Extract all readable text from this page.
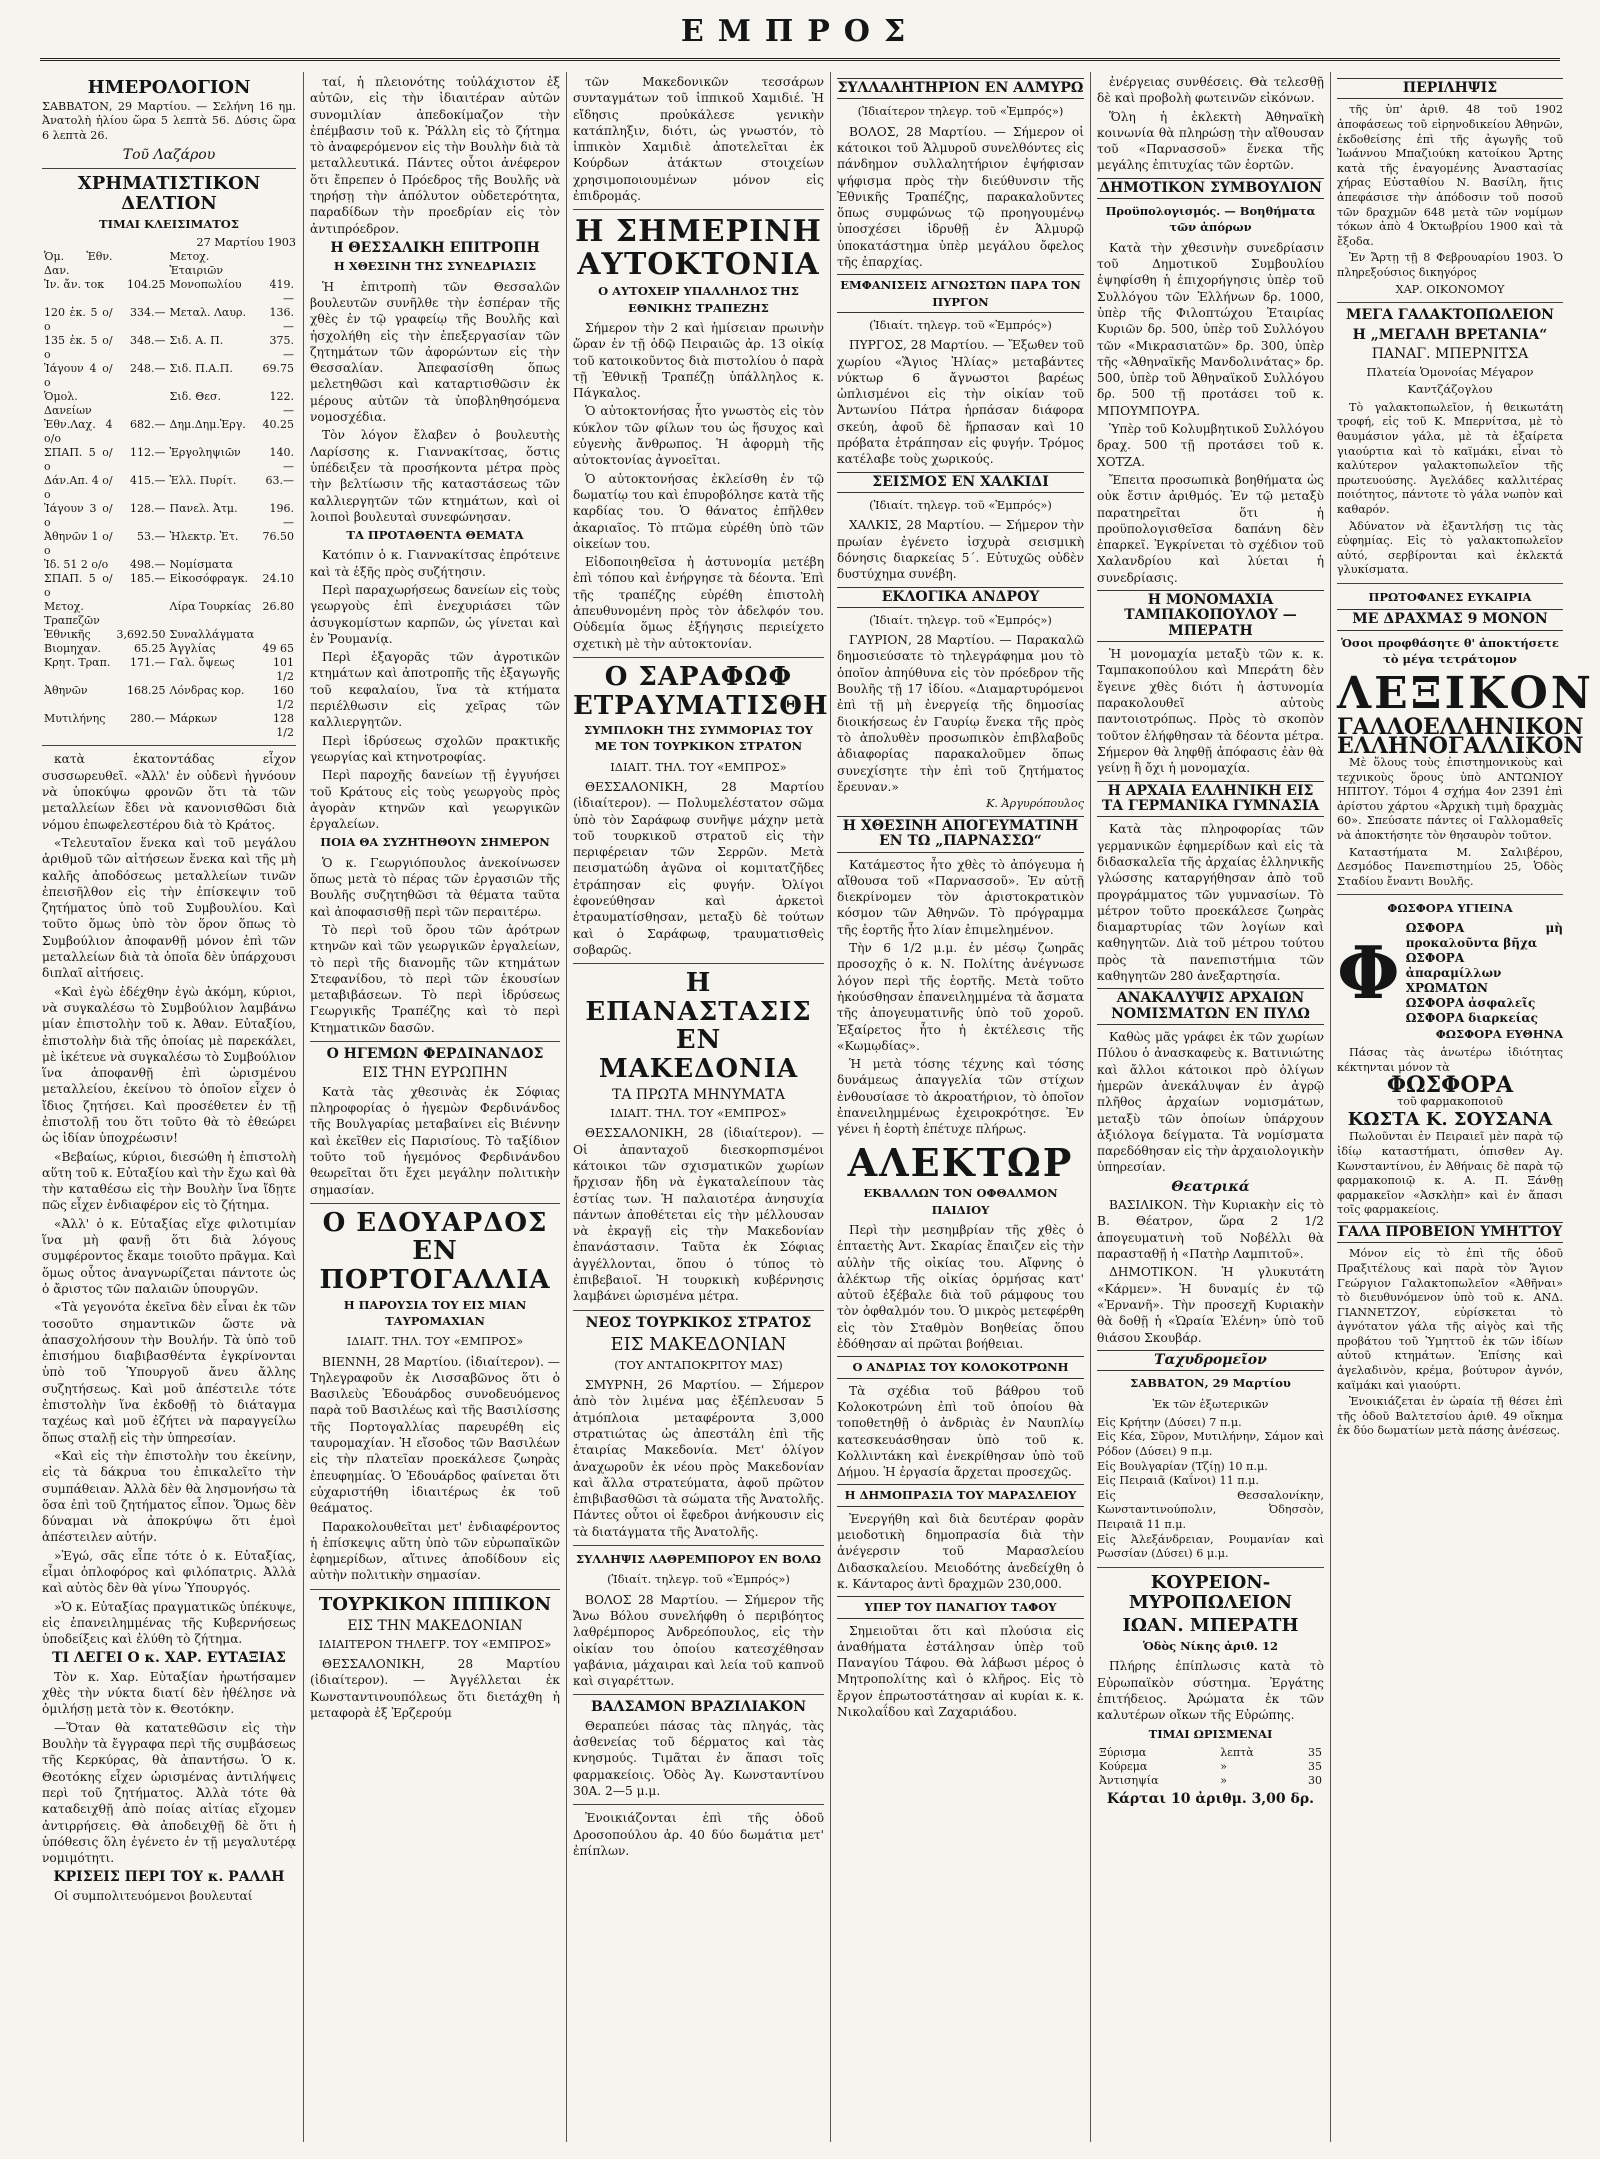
ΕΜΠΡΟΣ
ΗΜΕΡΟΛΟΓΙΟΝ
ΣΑΒΒΑΤΟΝ, 29 Μαρτίου. — Σελήνη 16 ημ. Ἀνατολὴ ἡλίου ὥρα 5 λεπτὰ 56. Δύσις ὥρα 6 λεπτὰ 26.
Τοῦ Λαζάρου
ΧΡΗΜΑΤΙΣΤΙΚΟΝ ΔΕΛΤΙΟΝ
ΤΙΜΑΙ ΚΛΕΙΣΙΜΑΤΟΣ
27 Μαρτίου 1903
Ὁμ. Ἐθν. Δαν.		Μετοχ. Ἑταιριῶν	
Ἰν. ἄν. τοκ	104.25	Μονοπωλίου	419.—
120 ἐκ. 5 ο/ο	334.—	Μεταλ. Λαυρ.	136.—
135 ἐκ. 5 ο/ο	348.—	Σιδ. Α. Π.	375.—
Ἰάγουν 4 ο/ο	248.—	Σιδ. Π.Α.Π.	69.75
Ὁμολ. Δανείων		Σιδ. Θεσ.	122.—
Ἐθν.Λαχ. 4 ο/ο	682.—	Δημ.Δημ.Ἐργ.	40.25
ΣΠΑΠ. 5 ο/ο	112.—	Ἐργοληψιῶν	140.—
Δάν.Απ. 4 ο/ο	415.—	Ἑλλ. Πυρίτ.	63.—
Ἰάγουν 3 ο/ο	128.—	Πανελ. Ἀτμ.	196.—
Ἀθηνῶν 1 ο/ο	53.—	Ἠλεκτρ. Ἑτ.	76.50
Ἰδ. 51 2 ο/ο	498.—	Νομίσματα	
ΣΠΑΠ. 5 ο/ο	185.—	Εἰκοσόφραγκ.	24.10
Μετοχ. Τραπεζῶν		Λίρα Τουρκίας	26.80
Ἐθνικῆς	3,692.50	Συναλλάγματα	
Βιομηχαν.	65.25	Ἀγγλίας	49 65
Κρητ. Τραπ.	171.—	Γαλ. ὄψεως	101 1/2
Ἀθηνῶν	168.25	Λόνδρας κορ.	160 1/2
Μυτιλήνης	280.—	Μάρκων	128 1/2

κατὰ ἑκατοντάδας εἶχον συσσωρευθεῖ. «Ἀλλ' ἐν οὐδενὶ ἠγνόουν νὰ ὑποκύψω φρονῶν ὅτι τὰ τῶν μεταλλείων ἔδει νὰ κανονισθῶσι διὰ νόμου ἐπωφελεστέρου διὰ τὸ Κράτος.

«Τελευταῖον ἕνεκα καὶ τοῦ μεγάλου ἀριθμοῦ τῶν αἰτήσεων ἕνεκα καὶ τῆς μὴ καλῆς ἀποδόσεως μεταλλείων τινῶν ἐπεισῆλθον εἰς τὴν ἐπίσκεψιν τοῦ ζητήματος ὑπὸ τοῦ Συμβουλίου. Καὶ τοῦτο ὅμως ὑπὸ τὸν ὅρον ὅπως τὸ Συμβούλιον ἀποφανθῇ μόνον ἐπὶ τῶν μεταλλείων διὰ τὰ ὁποῖα δὲν ὑπάρχουσι διπλαῖ αἰτήσεις.

«Καὶ ἐγὼ ἐδέχθην ἐγὼ ἀκόμη, κύριοι, νὰ συγκαλέσω τὸ Συμβούλιον λαμβάνω μίαν ἐπιστολὴν τοῦ κ. Ἀθαν. Εὐταξίου, ἐπιστολὴν διὰ τῆς ὁποίας μὲ παρεκάλει, μὲ ἱκέτευε νὰ συγκαλέσω τὸ Συμβούλιον ἵνα ἀποφανθῇ ἐπὶ ὡρισμένου μεταλλείου, ἐκείνου τὸ ὁποῖον εἶχεν ὁ ἴδιος ζητήσει. Καὶ προσέθετεν ἐν τῇ ἐπιστολῇ του ὅτι τοῦτο θὰ τὸ ἐθεώρει ὡς ἰδίαν ὑποχρέωσιν!

«Βεβαίως, κύριοι, διεσώθη ἡ ἐπιστολὴ αὕτη τοῦ κ. Εὐταξίου καὶ τὴν ἔχω καὶ θὰ τὴν καταθέσω εἰς τὴν Βουλὴν ἵνα ἴδῃτε πῶς εἶχεν ἐνδιαφέρον εἰς τὸ ζήτημα.

«Ἀλλ' ὁ κ. Εὐταξίας εἴχε φιλοτιμίαν ἵνα μὴ φανῇ ὅτι διὰ λόγους συμφέροντος ἔκαμε τοιοῦτο πρᾶγμα. Καὶ ὅμως οὗτος ἀναγνωρίζεται πάντοτε ὡς ὁ ἄριστος τῶν παλαιῶν ὑπουργῶν.

«Τὰ γεγονότα ἐκεῖνα δὲν εἶναι ἐκ τῶν τοσοῦτο σημαντικῶν ὥστε νὰ ἀπασχολήσουν τὴν Βουλήν. Τὰ ὑπὸ τοῦ ἐπισήμου διαβιβασθέντα ἐγκρίνονται ὑπὸ τοῦ Ὑπουργοῦ ἄνευ ἄλλης συζητήσεως. Καὶ μοῦ ἀπέστειλε τότε ἐπιστολὴν ἵνα ἐκδοθῇ τὸ διάταγμα ταχέως καὶ μοῦ ἐζήτει νὰ παραγγείλω ὅπως σταλῇ εἰς τὴν ὑπηρεσίαν.

«Καὶ εἰς τὴν ἐπιστολὴν του ἐκείνην, εἰς τὰ δάκρυα του ἐπικαλεῖτο τὴν συμπάθειαν. Ἀλλὰ δὲν θὰ λησμονήσω τὰ ὅσα ἐπὶ τοῦ ζητήματος εἶπον. Ὅμως δὲν δύναμαι νὰ ἀποκρύψω ὅτι ἐμοὶ ἀπέστειλεν αὐτήν.

»Ἐγώ, σᾶς εἶπε τότε ὁ κ. Εὐταξίας, εἶμαι ὁπλοφόρος καὶ φιλόπατρις. Ἀλλὰ καὶ αὐτὸς δὲν θὰ γίνω Ὑπουργός.

»Ὁ κ. Εὐταξίας πραγματικῶς ὑπέκυψε, εἰς ἐπανειλημμένας τῆς Κυβερνήσεως ὑποδείξεις καὶ ἐλύθη τὸ ζήτημα.

ΤΙ ΛΕΓΕΙ Ο κ. ΧΑΡ. ΕΥΤΑΞΙΑΣ

Τὸν κ. Χαρ. Εὐταξίαν ἠρωτήσαμεν χθὲς τὴν νύκτα διατί δὲν ἠθέλησε νὰ ὁμιλήσῃ μετὰ τὸν κ. Θεοτόκην.

—Ὅταν θὰ κατατεθῶσιν εἰς τὴν Βουλὴν τὰ ἔγγραφα περὶ τῆς συμβάσεως τῆς Κερκύρας, θὰ ἀπαντήσω. Ὁ κ. Θεοτόκης εἶχεν ὡρισμένας ἀντιλήψεις περὶ τοῦ ζητήματος. Ἀλλὰ τότε θὰ καταδειχθῇ ἀπὸ ποίας αἰτίας εἴχομεν ἀντιρρήσεις. Θὰ ἀποδειχθῇ δὲ ὅτι ἡ ὑπόθεσις ὅλη ἐγένετο ἐν τῇ μεγαλυτέρᾳ νομιμότητι.

ΚΡΙΣΕΙΣ ΠΕΡΙ ΤΟΥ κ. ΡΑΛΛΗ

Οἱ συμπολιτευόμενοι βουλευταί

ταί, ἡ πλειονότης τοὐλάχιστον ἐξ αὐτῶν, εἰς τὴν ἰδιαιτέραν αὐτῶν συνομιλίαν ἀπεδοκίμαζον τὴν ἐπέμβασιν τοῦ κ. Ῥάλλη εἰς τὸ ζήτημα τὸ ἀναφερόμενον εἰς τὴν Βουλὴν διὰ τὰ μεταλλευτικά. Πάντες οὗτοι ἀνέφερον ὅτι ἔπρεπεν ὁ Πρόεδρος τῆς Βουλῆς νὰ τηρήσῃ τὴν ἀπόλυτον οὐδετερότητα, παραδίδων τὴν προεδρίαν εἰς τὸν ἀντιπρόεδρον.

Η ΘΕΣΣΑΛΙΚΗ ΕΠΙΤΡΟΠΗ
Η ΧΘΕΣΙΝΗ ΤΗΣ ΣΥΝΕΔΡΙΑΣΙΣ

Ἡ ἐπιτροπὴ τῶν Θεσσαλῶν βουλευτῶν συνῆλθε τὴν ἑσπέραν τῆς χθὲς ἐν τῷ γραφείῳ τῆς Βουλῆς καὶ ἠσχολήθη εἰς τὴν ἐπεξεργασίαν τῶν ζητημάτων τῶν ἀφορώντων εἰς τὴν Θεσσαλίαν. Ἀπεφασίσθη ὅπως μελετηθῶσι καὶ καταρτισθῶσιν ἐκ μέρους αὐτῶν τὰ ὑποβληθησόμενα νομοσχέδια.

Τὸν λόγον ἔλαβεν ὁ βουλευτὴς Λαρίσσης κ. Γιαννακίτσας, ὅστις ὑπέδειξεν τὰ προσήκοντα μέτρα πρὸς τὴν βελτίωσιν τῆς καταστάσεως τῶν καλλιεργητῶν τῶν κτημάτων, καὶ οἱ λοιποὶ βουλευταὶ συνεφώνησαν.

ΤΑ ΠΡΟΤΑΘΕΝΤΑ ΘΕΜΑΤΑ

Κατόπιν ὁ κ. Γιαννακίτσας ἐπρότεινε καὶ τὰ ἑξῆς πρὸς συζήτησιν.

Περὶ παραχωρήσεως δανείων εἰς τοὺς γεωργοὺς ἐπὶ ἐνεχυριάσει τῶν ἀσυγκομίστων καρπῶν, ὡς γίνεται καὶ ἐν Ῥουμανίᾳ.

Περὶ ἐξαγορᾶς τῶν ἀγροτικῶν κτημάτων καὶ ἀποτροπῆς τῆς ἐξαγωγῆς τοῦ κεφαλαίου, ἵνα τὰ κτήματα περιέλθωσιν εἰς χεῖρας τῶν καλλιεργητῶν.

Περὶ ἱδρύσεως σχολῶν πρακτικῆς γεωργίας καὶ κτηνοτροφίας.

Περὶ παροχῆς δανείων τῇ ἐγγυήσει τοῦ Κράτους εἰς τοὺς γεωργοὺς πρὸς ἀγορὰν κτηνῶν καὶ γεωργικῶν ἐργαλείων.

ΠΟΙΑ ΘΑ ΣΥΖΗΤΗΘΟΥΝ ΣΗΜΕΡΟΝ

Ὁ κ. Γεωργιόπουλος ἀνεκοίνωσεν ὅπως μετὰ τὸ πέρας τῶν ἐργασιῶν τῆς Βουλῆς συζητηθῶσι τὰ θέματα ταῦτα καὶ ἀποφασισθῇ περὶ τῶν περαιτέρω.

Τὸ περὶ τοῦ ὅρου τῶν ἀρότρων κτηνῶν καὶ τῶν γεωργικῶν ἐργαλείων, τὸ περὶ τῆς διανομῆς τῶν κτημάτων Στεφανίδου, τὸ περὶ τῶν ἑκουσίων μεταβιβάσεων. Τὸ περὶ ἱδρύσεως Γεωργικῆς Τραπέζης καὶ τὸ περὶ Κτηματικῶν δασῶν.

Ο ΗΓΕΜΩΝ ΦΕΡΔΙΝΑΝΔΟΣ
ΕΙΣ ΤΗΝ ΕΥΡΩΠΗΝ

Κατὰ τὰς χθεσινὰς ἐκ Σόφιας πληροφορίας ὁ ἡγεμὼν Φερδινάνδος τῆς Βουλγαρίας μεταβαίνει εἰς Βιέννην καὶ ἐκεῖθεν εἰς Παρισίους. Τὸ ταξίδιον τοῦτο τοῦ ἡγεμόνος Φερδινάνδου θεωρεῖται ὅτι ἔχει μεγάλην πολιτικὴν σημασίαν.

Ο ΕΔΟΥΑΡΔΟΣ ΕΝ ΠΟΡΤΟΓΑΛΛΙΑ
Η ΠΑΡΟΥΣΙΑ ΤΟΥ ΕΙΣ ΜΙΑΝ ΤΑΥΡΟΜΑΧΙΑΝ
ΙΔΙΑΙΤ. ΤΗΛ. ΤΟΥ «ΕΜΠΡΟΣ»

ΒΙΕΝΝΗ, 28 Μαρτίου. (ἰδιαίτερον). — Τηλεγραφοῦν ἐκ Λισσαβῶνος ὅτι ὁ Βασιλεὺς Ἐδουάρδος συνοδευόμενος παρὰ τοῦ Βασιλέως καὶ τῆς Βασιλίσσης τῆς Πορτογαλλίας παρευρέθη εἰς ταυρομαχίαν. Ἡ εἴσοδος τῶν Βασιλέων εἰς τὴν πλατεῖαν προεκάλεσε ζωηρὰς ἐπευφημίας. Ὁ Ἐδουάρδος φαίνεται ὅτι εὐχαριστήθη ἰδιαιτέρως ἐκ τοῦ θεάματος.

Παρακολουθεῖται μετ' ἐνδιαφέροντος ἡ ἐπίσκεψις αὕτη ὑπὸ τῶν εὐρωπαϊκῶν ἐφημερίδων, αἵτινες ἀποδίδουν εἰς αὐτὴν πολιτικὴν σημασίαν.

ΤΟΥΡΚΙΚΟΝ ΙΠΠΙΚΟΝ
ΕΙΣ ΤΗΝ ΜΑΚΕΔΟΝΙΑΝ
ΙΔΙΑΙΤΕΡΟΝ ΤΗΛΕΓΡ. ΤΟΥ «ΕΜΠΡΟΣ»

ΘΕΣΣΑΛΟΝΙΚΗ, 28 Μαρτίου (ἰδιαίτερον). — Ἀγγέλλεται ἐκ Κωνσταντινουπόλεως ὅτι διετάχθη ἡ μεταφορὰ ἐξ Ἐρζερούμ

τῶν Μακεδονικῶν τεσσάρων συνταγμάτων τοῦ ἱππικοῦ Χαμιδιέ. Ἡ εἴδησις προὐκάλεσε γενικὴν κατάπληξιν, διότι, ὡς γνωστόν, τὸ ἱππικὸν Χαμιδιὲ ἀποτελεῖται ἐκ Κούρδων ἀτάκτων στοιχείων χρησιμοποιουμένων μόνον εἰς ἐπιδρομάς.

Η ΣΗΜΕΡΙΝΗ ΑΥΤΟΚΤΟΝΙΑ
Ο ΑΥΤΟΧΕΙΡ ΥΠΑΛΛΗΛΟΣ ΤΗΣ ΕΘΝΙΚΗΣ ΤΡΑΠΕΖΗΣ

Σήμερον τὴν 2 καὶ ἡμίσειαν πρωινὴν ὥραν ἐν τῇ ὁδῷ Πειραιῶς ἀρ. 13 οἰκίᾳ τοῦ κατοικοῦντος διὰ πιστολίου ὁ παρὰ τῇ Ἐθνικῇ Τραπέζῃ ὑπάλληλος κ. Πάγκαλος.

Ὁ αὐτοκτονήσας ἦτο γνωστὸς εἰς τὸν κύκλον τῶν φίλων του ὡς ἥσυχος καὶ εὐγενὴς ἄνθρωπος. Ἡ ἀφορμὴ τῆς αὐτοκτονίας ἀγνοεῖται.

Ὁ αὐτοκτονήσας ἐκλείσθη ἐν τῷ δωματίῳ του καὶ ἐπυροβόλησε κατὰ τῆς καρδίας του. Ὁ θάνατος ἐπῆλθεν ἀκαριαῖος. Τὸ πτῶμα εὑρέθη ὑπὸ τῶν οἰκείων του.

Εἰδοποιηθεῖσα ἡ ἀστυνομία μετέβη ἐπὶ τόπου καὶ ἐνήργησε τὰ δέοντα. Ἐπὶ τῆς τραπέζης εὑρέθη ἐπιστολὴ ἀπευθυνομένη πρὸς τὸν ἀδελφόν του. Οὐδεμία ὅμως ἐξήγησις περιείχετο σχετικὴ μὲ τὴν αὐτοκτονίαν.

Ο ΣΑΡΑΦΩΦ ΕΤΡΑΥΜΑΤΙΣΘΗ
ΣΥΜΠΛΟΚΗ ΤΗΣ ΣΥΜΜΟΡΙΑΣ ΤΟΥ ΜΕ ΤΟΝ ΤΟΥΡΚΙΚΟΝ ΣΤΡΑΤΟΝ
ΙΔΙΑΙΤ. ΤΗΛ. ΤΟΥ «ΕΜΠΡΟΣ»

ΘΕΣΣΑΛΟΝΙΚΗ, 28 Μαρτίου (ἰδιαίτερον). — Πολυμελέστατον σῶμα ὑπὸ τὸν Σαράφωφ συνῆψε μάχην μετὰ τοῦ τουρκικοῦ στρατοῦ εἰς τὴν περιφέρειαν τῶν Σερρῶν. Μετὰ πεισματώδη ἀγῶνα οἱ κομιτατζῆδες ἐτράπησαν εἰς φυγήν. Ὀλίγοι ἐφονεύθησαν καὶ ἀρκετοὶ ἐτραυματίσθησαν, μεταξὺ δὲ τούτων καὶ ὁ Σαράφωφ, τραυματισθεὶς σοβαρῶς.

Η ΕΠΑΝΑΣΤΑΣΙΣ ΕΝ ΜΑΚΕΔΟΝΙΑ
ΤΑ ΠΡΩΤΑ ΜΗΝΥΜΑΤΑ
ΙΔΙΑΙΤ. ΤΗΛ. ΤΟΥ «ΕΜΠΡΟΣ»

ΘΕΣΣΑΛΟΝΙΚΗ, 28 (ἰδιαίτερον). — Οἱ ἀπανταχοῦ διεσκορπισμένοι κάτοικοι τῶν σχισματικῶν χωρίων ἤρχισαν ἤδη νὰ ἐγκαταλείπουν τὰς ἑστίας των. Ἡ παλαιοτέρα ἀνησυχία πάντων ἀποθέτεται εἰς τὴν μέλλουσαν νὰ ἐκραγῇ εἰς τὴν Μακεδονίαν ἐπανάστασιν. Ταῦτα ἐκ Σόφιας ἀγγέλλονται, ὅπου ὁ τύπος τὸ ἐπιβεβαιοῖ. Ἡ τουρκικὴ κυβέρνησις λαμβάνει ὡρισμένα μέτρα.

ΝΕΟΣ ΤΟΥΡΚΙΚΟΣ ΣΤΡΑΤΟΣ
ΕΙΣ ΜΑΚΕΔΟΝΙΑΝ
(ΤΟΥ ΑΝΤΑΠΟΚΡΙΤΟΥ ΜΑΣ)

ΣΜΥΡΝΗ, 26 Μαρτίου. — Σήμερον ἀπὸ τὸν λιμένα μας ἐξέπλευσαν 5 ἀτμόπλοια μεταφέροντα 3,000 στρατιώτας ὡς ἀπεστάλη ἐπὶ τῆς ἑταιρίας Μακεδονία. Μετ' ὀλίγον ἀναχωροῦν ἐκ νέου πρὸς Μακεδονίαν καὶ ἄλλα στρατεύματα, ἀφοῦ πρῶτον ἐπιβιβασθῶσι τὰ σώματα τῆς Ἀνατολῆς. Πάντες οὗτοι οἱ ἔφεδροι ἀνήκουσιν εἰς τὰ διατάγματα τῆς Ἀνατολῆς.

ΣΥΛΛΗΨΙΣ ΛΑΘΡΕΜΠΟΡΟΥ ΕΝ ΒΟΛΩ
(Ἰδιαίτ. τηλεγρ. τοῦ «Ἐμπρός»)

ΒΟΛΟΣ 28 Μαρτίου. — Σήμερον τῆς Ἄνω Βόλου συνελήφθη ὁ περιβόητος λαθρέμπορος Ἀνδρεόπουλος, εἰς τὴν οἰκίαν του ὁποίου κατεσχέθησαν γαβάνια, μάχαιραι καὶ λεία τοῦ καπνοῦ καὶ σιγαρέττων.

ΒΑΛΣΑΜΟΝ ΒΡΑΖΙΛΙΑΚΟΝ

Θεραπεύει πάσας τὰς πληγάς, τὰς ἀσθενείας τοῦ δέρματος καὶ τὰς κνησμούς. Τιμᾶται ἐν ἅπασι τοῖς φαρμακείοις. Ὁδὸς Ἀγ. Κωνσταντίνου 30Α. 2—5 μ.μ.

Ἐνοικιάζονται ἐπὶ τῆς ὁδοῦ Δροσοπούλου ἀρ. 40 δύο δωμάτια μετ' ἐπίπλων.

ΣΥΛΛΑΛΗΤΗΡΙΟΝ ΕΝ ΑΛΜΥΡΩ
(Ἰδιαίτερον τηλεγρ. τοῦ «Ἐμπρός»)

ΒΟΛΟΣ, 28 Μαρτίου. — Σήμερον οἱ κάτοικοι τοῦ Ἁλμυροῦ συνελθόντες εἰς πάνδημον συλλαλητήριον ἐψήφισαν ψήφισμα πρὸς τὴν διεύθυνσιν τῆς Ἐθνικῆς Τραπέζης, παρακαλοῦντες ὅπως συμφώνως τῷ προηγουμένῳ ὑποσχέσει ἱδρυθῇ ἐν Ἁλμυρῷ ὑποκατάστημα ὑπὲρ μεγάλου ὄφελος τῆς ἐπαρχίας.

ΕΜΦΑΝΙΣΕΙΣ ΑΓΝΩΣΤΩΝ ΠΑΡΑ ΤΟΝ ΠΥΡΓΟΝ
(Ἰδιαίτ. τηλεγρ. τοῦ «Ἐμπρός»)

ΠΥΡΓΟΣ, 28 Μαρτίου. — Ἔξωθεν τοῦ χωρίου «Ἅγιος Ἠλίας» μεταβάντες νύκτωρ 6 ἄγνωστοι βαρέως ὡπλισμένοι εἰς τὴν οἰκίαν τοῦ Ἀντωνίου Πάτρα ἡρπάσαν διάφορα σκεύη, ἀφοῦ δὲ ἥρπασαν καὶ 10 πρόβατα ἐτράπησαν εἰς φυγήν. Τρόμος κατέλαβε τοὺς χωρικούς.

ΣΕΙΣΜΟΣ ΕΝ ΧΑΛΚΙΔΙ
(Ἰδιαίτ. τηλεγρ. τοῦ «Ἐμπρός»)

ΧΑΛΚΙΣ, 28 Μαρτίου. — Σήμερον τὴν πρωίαν ἐγένετο ἰσχυρὰ σεισμικὴ δόνησις διαρκείας 5΄. Εὐτυχῶς οὐδὲν δυστύχημα συνέβη.

ΕΚΛΟΓΙΚΑ ΑΝΔΡΟΥ
(Ἰδιαίτ. τηλεγρ. τοῦ «Ἐμπρός»)

ΓΑΥΡΙΟΝ, 28 Μαρτίου. — Παρακαλῶ δημοσιεύσατε τὸ τηλεγράφημα μου τὸ ὁποῖον ἀπηύθυνα εἰς τὸν πρόεδρον τῆς Βουλῆς τῇ 17 ἰδίου. «Διαμαρτυρόμενοι ἐπὶ τῇ μὴ ἐνεργείᾳ τῆς δημοσίας διοικήσεως ἐν Γαυρίῳ ἕνεκα τῆς πρὸς τὸ ἀπολυθὲν προσωπικὸν ἐπιβλαβοῦς ἀδιαφορίας παρακαλοῦμεν ὅπως συνεχίσητε τὴν ἐπὶ τοῦ ζητήματος ἔρευναν.»

Κ. Ἀργυρόπουλος
Η ΧΘΕΣΙΝΗ ΑΠΟΓΕΥΜΑΤΙΝΗ ΕΝ ΤΩ „ΠΑΡΝΑΣΣΩ“

Κατάμεστος ἦτο χθὲς τὸ ἀπόγευμα ἡ αἴθουσα τοῦ «Παρνασσοῦ». Ἐν αὐτῇ διεκρίνομεν τὸν ἀριστοκρατικὸν κόσμον τῶν Ἀθηνῶν. Τὸ πρόγραμμα τῆς ἑορτῆς ἦτο λίαν ἐπιμελημένον.

Τὴν 6 1/2 μ.μ. ἐν μέσῳ ζωηρᾶς προσοχῆς ὁ κ. Ν. Πολίτης ἀνέγνωσε λόγον περὶ τῆς ἑορτῆς. Μετὰ τοῦτο ἠκούσθησαν ἐπανειλημμένα τὰ ἄσματα τῆς ἀπογευματινῆς ὑπὸ τοῦ χοροῦ. Ἐξαίρετος ἦτο ἡ ἐκτέλεσις τῆς «Κωμῳδίας».

Ἡ μετὰ τόσης τέχνης καὶ τόσης δυνάμεως ἀπαγγελία τῶν στίχων ἐνθουσίασε τὸ ἀκροατήριον, τὸ ὁποῖον ἐπανειλημμένως ἐχειροκρότησε. Ἐν γένει ἡ ἑορτὴ ἐπέτυχε πλήρως.

ΑΛΕΚΤΩΡ
ΕΚΒΑΛΛΩΝ ΤΟΝ ΟΦΘΑΛΜΟΝ ΠΑΙΔΙΟΥ

Περὶ τὴν μεσημβρίαν τῆς χθὲς ὁ ἑπταετὴς Ἀντ. Σκαρίας ἔπαιζεν εἰς τὴν αὐλὴν τῆς οἰκίας του. Αἴφνης ὁ ἀλέκτωρ τῆς οἰκίας ὁρμήσας κατ' αὐτοῦ ἐξέβαλε διὰ τοῦ ράμφους του τὸν ὀφθαλμόν του. Ὁ μικρὸς μετεφέρθη εἰς τὸν Σταθμὸν Βοηθείας ὅπου ἐδόθησαν αἱ πρῶται βοήθειαι.

Ο ΑΝΔΡΙΑΣ ΤΟΥ ΚΟΛΟΚΟΤΡΩΝΗ

Τὰ σχέδια τοῦ βάθρου τοῦ Κολοκοτρώνη ἐπὶ τοῦ ὁποίου θὰ τοποθετηθῇ ὁ ἀνδριὰς ἐν Ναυπλίῳ κατεσκευάσθησαν ὑπὸ τοῦ κ. Κολλιντάκη καὶ ἐνεκρίθησαν ὑπὸ τοῦ Δήμου. Ἡ ἐργασία ἄρχεται προσεχῶς.

Η ΔΗΜΟΠΡΑΣΙΑ ΤΟΥ ΜΑΡΑΣΛΕΙΟΥ

Ἐνεργήθη καὶ διὰ δευτέραν φορὰν μειοδοτικὴ δημοπρασία διὰ τὴν ἀνέγερσιν τοῦ Μαρασλείου Διδασκαλείου. Μειοδότης ἀνεδείχθη ὁ κ. Κάνταρος ἀντὶ δραχμῶν 230,000.

ΥΠΕΡ ΤΟΥ ΠΑΝΑΓΙΟΥ ΤΑΦΟΥ

Σημειοῦται ὅτι καὶ πλούσια εἰς ἀναθήματα ἐστάλησαν ὑπὲρ τοῦ Παναγίου Τάφου. Θὰ λάβωσι μέρος ὁ Μητροπολίτης καὶ ὁ κλῆρος. Εἰς τὸ ἔργον ἐπρωτοστάτησαν αἱ κυρίαι κ. κ. Νικολαΐδου καὶ Ζαχαριάδου.

ἐνέργειας συνθέσεις. Θὰ τελεσθῇ δὲ καὶ προβολὴ φωτεινῶν εἰκόνων.

Ὅλη ἡ ἐκλεκτὴ Ἀθηναϊκὴ κοινωνία θὰ πληρώσῃ τὴν αἴθουσαν τοῦ «Παρνασσοῦ» ἕνεκα τῆς μεγάλης ἐπιτυχίας τῶν ἑορτῶν.

ΔΗΜΟΤΙΚΟΝ ΣΥΜΒΟΥΛΙΟΝ
Προϋπολογισμός. — Βοηθήματα τῶν ἀπόρων

Κατὰ τὴν χθεσινὴν συνεδρίασιν τοῦ Δημοτικοῦ Συμβουλίου ἐψηφίσθη ἡ ἐπιχορήγησις ὑπὲρ τοῦ Συλλόγου τῶν Ἑλλήνων δρ. 1000, ὑπὲρ τῆς Φιλοπτώχου Ἑταιρίας Κυριῶν δρ. 500, ὑπὲρ τοῦ Συλλόγου τῶν «Μικρασιατῶν» δρ. 300, ὑπὲρ τῆς «Ἀθηναϊκῆς Μανδολινάτας» δρ. 500, ὑπὲρ τοῦ Ἀθηναϊκοῦ Συλλόγου δρ. 500 τῇ προτάσει τοῦ κ. ΜΠΟΥΜΠΟΥΡΑ.

Ὑπὲρ τοῦ Κολυμβητικοῦ Συλλόγου δραχ. 500 τῇ προτάσει τοῦ κ. ΧΟΤΖΑ.

Ἔπειτα προσωπικὰ βοηθήματα ὡς οὐκ ἔστιν ἀριθμός. Ἐν τῷ μεταξὺ παρατηρεῖται ὅτι ἡ προϋπολογισθεῖσα δαπάνη δὲν ἐπαρκεῖ. Ἐγκρίνεται τὸ σχέδιον τοῦ Χαλανδρίου καὶ λύεται ἡ συνεδρίασις.

Η ΜΟΝΟΜΑΧΙΑ ΤΑΜΠΑΚΟΠΟΥΛΟΥ — ΜΠΕΡΑΤΗ

Ἡ μονομαχία μεταξὺ τῶν κ. κ. Ταμπακοπούλου καὶ Μπεράτη δὲν ἔγεινε χθὲς διότι ἡ ἀστυνομία παρακολουθεῖ αὐτοὺς παντοιοτρόπως. Πρὸς τὸ σκοπὸν τοῦτον ἐλήφθησαν τὰ δέοντα μέτρα. Σήμερον θὰ ληφθῇ ἀπόφασις ἐὰν θὰ γείνῃ ἢ ὄχι ἡ μονομαχία.

Η ΑΡΧΑΙΑ ΕΛΛΗΝΙΚΗ ΕΙΣ ΤΑ ΓΕΡΜΑΝΙΚΑ ΓΥΜΝΑΣΙΑ

Κατὰ τὰς πληροφορίας τῶν γερμανικῶν ἐφημερίδων καὶ εἰς τὰ διδασκαλεῖα τῆς ἀρχαίας ἑλληνικῆς γλώσσης καταργήθησαν ἀπὸ τοῦ προγράμματος τῶν γυμνασίων. Τὸ μέτρον τοῦτο προεκάλεσε ζωηρὰς διαμαρτυρίας τῶν λογίων καὶ καθηγητῶν. Διὰ τοῦ μέτρου τούτου πρὸς τὰ πανεπιστήμια τῶν καθηγητῶν 280 ἀνεξαρτησία.

ΑΝΑΚΑΛΥΨΙΣ ΑΡΧΑΙΩΝ ΝΟΜΙΣΜΑΤΩΝ ΕΝ ΠΥΛΩ

Καθὼς μᾶς γράφει ἐκ τῶν χωρίων Πύλου ὁ ἀνασκαφεὺς κ. Βατινιώτης καὶ ἄλλοι κάτοικοι πρὸ ὀλίγων ἡμερῶν ἀνεκάλυψαν ἐν ἀγρῷ πλῆθος ἀρχαίων νομισμάτων, μεταξὺ τῶν ὁποίων ὑπάρχουν ἀξιόλογα δείγματα. Τὰ νομίσματα παρεδόθησαν εἰς τὴν ἀρχαιολογικὴν ὑπηρεσίαν.

Θεατρικά

ΒΑΣΙΛΙΚΟΝ. Τὴν Κυριακὴν εἰς τὸ Β. Θέατρον, ὥρα 2 1/2 ἀπογευματινὴ τοῦ Νοβέλλι θὰ παρασταθῇ ἡ «Πατὴρ Λαμπιτοῦ».

ΔΗΜΟΤΙΚΟΝ. Ἡ γλυκυτάτη «Κάρμεν». Ἡ δυναμίς ἐν τῷ «Ἐρνανῆ». Τὴν προσεχῆ Κυριακὴν θὰ δοθῇ ἡ «Ὡραία Ἑλένη» ὑπὸ τοῦ θιάσου Σκουβάρ.

Ταχυδρομεῖον
ΣΑΒΒΑΤΟΝ, 29 Μαρτίου
Ἐκ τῶν ἐξωτερικῶν
Εἰς Κρήτην (Δύσει) 7 π.μ.
Εἰς Κέα, Σῦρον, Μυτιλήνην, Σάμον καὶ Ρόδον (Δύσει) 9 π.μ.
Εἰς Βουλγαρίαν (Τζίῃ) 10 π.μ.
Εἰς Πειραιᾶ (Καΐνοι) 11 π.μ.
Εἰς Θεσσαλονίκην, Κωνσταντινούπολιν, Ὀδησσὸν, Πειραιᾶ 11 π.μ.
Εἰς Ἀλεξάνδρειαν, Ρουμανίαν καὶ Ρωσσίαν (Δύσει) 6 μ.μ.
ΚΟΥΡΕΙΟΝ-ΜΥΡΟΠΩΛΕΙΟΝ
ΙΩΑΝ. ΜΠΕΡΑΤΗ
Ὁδὸς Νίκης ἀριθ. 12

Πλήρης ἐπίπλωσις κατὰ τὸ Εὐρωπαϊκὸν σύστημα. Ἐργάτης ἐπιτήδειος. Ἀρώματα ἐκ τῶν καλυτέρων οἴκων τῆς Εὐρώπης.

ΤΙΜΑΙ ΩΡΙΣΜΕΝΑΙ
Ξύρισμα	λεπτὰ	35
Κούρεμα	»	35
Ἀντισηψία	»	30
Κάρται 10 ἀριθμ. 3,00 δρ.
ΠΕΡΙΛΗΨΙΣ

τῆς ὑπ' ἀριθ. 48 τοῦ 1902 ἀποφάσεως τοῦ εἰρηνοδικείου Ἀθηνῶν, ἐκδοθείσης ἐπὶ τῆς ἀγωγῆς τοῦ Ἰωάννου Μπαζιούκη κατοίκου Ἄρτης κατὰ τῆς ἐναγομένης Ἀναστασίας χήρας Εὐσταθίου Ν. Βασίλη, ἥτις ἀπεφάσισε τὴν ἀπόδοσιν τοῦ ποσοῦ τῶν δραχμῶν 648 μετὰ τῶν νομίμων τόκων ἀπὸ 4 Ὀκτωβρίου 1900 καὶ τὰ ἔξοδα.

Ἐν Ἄρτῃ τῇ 8 Φεβρουαρίου 1903. Ὁ πληρεξούσιος δικηγόρος

ΧΑΡ. ΟΙΚΟΝΟΜΟΥ
ΜΕΓΑ ΓΑΛΑΚΤΟΠΩΛΕΙΟΝ
Η „ΜΕΓΑΛΗ ΒΡΕΤΑΝΙΑ“
ΠΑΝΑΓ. ΜΠΕΡΝΙΤΣΑ
Πλατεία Ὁμονοίας Μέγαρον Καντζάζογλου

Τὸ γαλακτοπωλεῖον, ἡ θεικωτάτη τροφή, εἰς τοῦ Κ. Μπερνίτσα, μὲ τὸ θαυμάσιον γάλα, μὲ τὰ ἐξαίρετα γιαούρτια καὶ τὸ καϊμάκι, εἶναι τὸ καλύτερον γαλακτοπωλεῖον τῆς πρωτευούσης. Ἀγελάδες καλλιτέρας ποιότητος, πάντοτε τὸ γάλα νωπὸν καὶ καθαρόν.

Ἀδύνατον νὰ ἐξαντλήσῃ τις τὰς εὐφημίας. Εἰς τὸ γαλακτοπωλεῖον αὐτό, σερβίρονται καὶ ἐκλεκτά γλυκίσματα.

ΠΡΩΤΟΦΑΝΕΣ ΕΥΚΑΙΡΙΑ
ΜΕ ΔΡΑΧΜΑΣ 9 ΜΟΝΟΝ
Ὁσοι προφθάσητε θ' ἀποκτήσετε τὸ μέγα τετράτομον
ΛΕΞΙΚΟΝ
ΓΑΛΛΟΕΛΛΗΝΙΚΟΝ
ΕΛΛΗΝΟΓΑΛΛΙΚΟΝ

Μὲ ὅλους τοὺς ἐπιστημονικοὺς καὶ τεχνικοὺς ὅρους ὑπὸ ΑΝΤΩΝΙΟΥ ΗΠΙΤΟΥ. Τόμοι 4 σχήμα 4ον 2391 ἐπὶ ἀρίστου χάρτου «Ἀρχικὴ τιμὴ δραχμὰς 60». Σπεύσατε πάντες οἱ Γαλλομαθεῖς νὰ ἀποκτήσητε τὸν θησαυρὸν τοῦτον.

Καταστήματα Μ. Σαλιβέρου, Δεσμόδος Πανεπιστημίου 25, Ὁδὸς Σταδίου ἔναντι Βουλῆς.

ΦΩΣΦΟΡΑ ΥΓΙΕΙΝΑ
Φ
ΩΣΦΟΡΑ μὴ προκαλοῦντα βῆχα
ΩΣΦΟΡΑ ἀπαραμίλλων ΧΡΩΜΑΤΩΝ
ΩΣΦΟΡΑ ἀσφαλεῖς
ΩΣΦΟΡΑ διαρκείας
ΦΩΣΦΟΡΑ ΕΥΘΗΝΑ

Πάσας τὰς ἀνωτέρω ἰδιότητας κέκτηνται μόνον τὰ

ΦΩΣΦΟΡΑ
τοῦ φαρμακοποιοῦ
ΚΩΣΤΑ Κ. ΣΟΥΣΑΝΑ

Πωλοῦνται ἐν Πειραιεῖ μὲν παρὰ τῷ ἰδίῳ καταστήματι, ὁπισθεν Αγ. Κωνσταντίνου, ἐν Ἀθήναις δὲ παρὰ τῷ φαρμακοποιῷ κ. Α. Π. Ξάνθῃ φαρμακεῖον «Ἀσκλὴπ» καὶ ἐν ἅπασι τοῖς φαρμακείοις.

ΓΑΛΑ ΠΡΟΒΕΙΟΝ ΥΜΗΤΤΟΥ

Μόνον εἰς τὸ ἐπὶ τῆς ὁδοῦ Πραξιτέλους καὶ παρὰ τὸν Ἅγιον Γεώργιον Γαλακτοπωλεῖον «Ἀθῆναι» τὸ διευθυνόμενον ὑπὸ τοῦ κ. ΑΝΔ. ΓΙΑΝΝΕΤΖΟΥ, εὑρίσκεται τὸ ἀγνότατον γάλα τῆς αἰγὸς καὶ τῆς προβάτου τοῦ Ὑμηττοῦ ἐκ τῶν ἰδίων αὐτοῦ κτημάτων. Ἐπίσης καὶ ἀγελαδινὸν, κρέμα, βούτυρον ἀγνόν, καϊμάκι καὶ γιαούρτι.

Ἐνοικιάζεται ἐν ὡραία τῇ θέσει ἐπὶ τῆς ὁδοῦ Βαλτετσίου ἀριθ. 49 οἴκημα ἐκ δύο δωματίων μετὰ πάσης ἀνέσεως.
